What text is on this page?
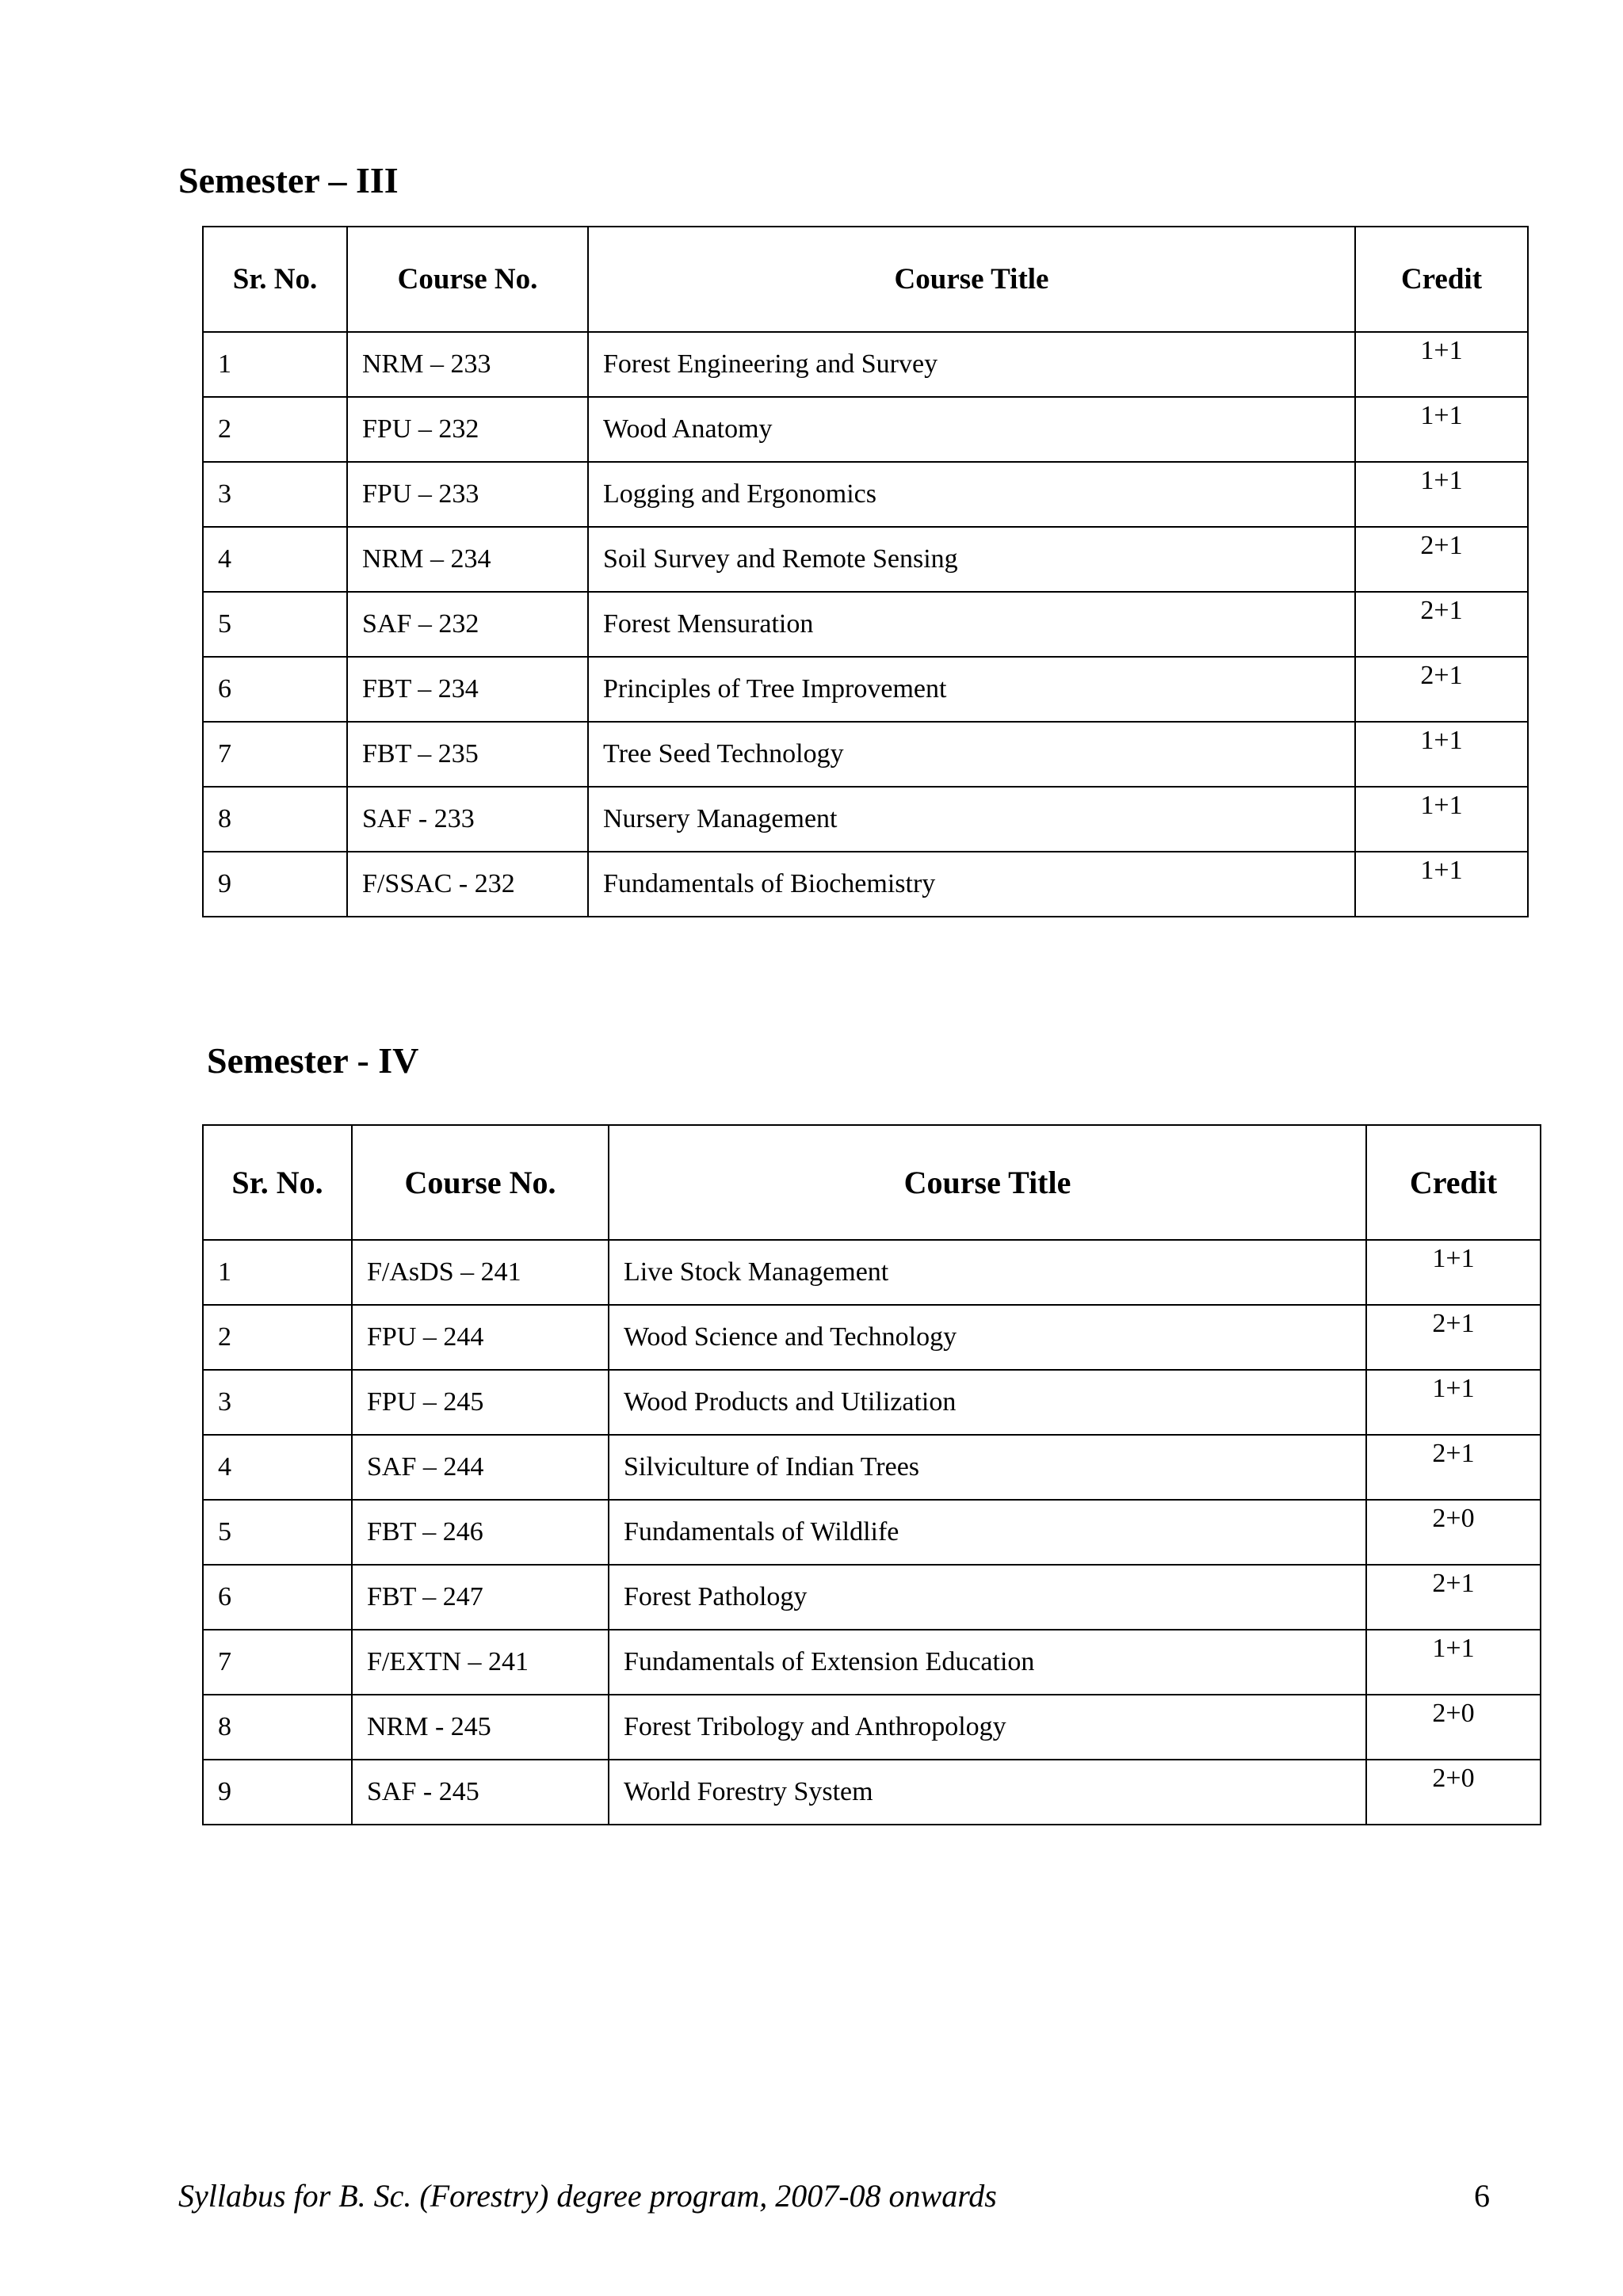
Semester – III
Sr. No.	Course No.	Course Title	Credit
1	NRM – 233	Forest Engineering and Survey	1+1
2	FPU – 232	Wood Anatomy	1+1
3	FPU – 233	Logging and Ergonomics	1+1
4	NRM – 234	Soil Survey and Remote Sensing	2+1
5	SAF – 232	Forest Mensuration	2+1
6	FBT – 234	Principles of Tree Improvement	2+1
7	FBT – 235	Tree Seed Technology	1+1
8	SAF - 233	Nursery Management	1+1
9	F/SSAC - 232	Fundamentals of Biochemistry	1+1
Semester - IV
Sr. No.	Course No.	Course Title	Credit
1	F/AsDS – 241	Live Stock Management	1+1
2	FPU – 244	Wood Science and Technology	2+1
3	FPU – 245	Wood Products and Utilization	1+1
4	SAF – 244	Silviculture of Indian Trees	2+1
5	FBT – 246	Fundamentals of Wildlife	2+0
6	FBT – 247	Forest Pathology	2+1
7	F/EXTN – 241	Fundamentals of Extension Education	1+1
8	NRM - 245	Forest Tribology and Anthropology	2+0
9	SAF - 245	World Forestry System	2+0
Syllabus for B. Sc. (Forestry) degree program, 2007-08 onwards	6
